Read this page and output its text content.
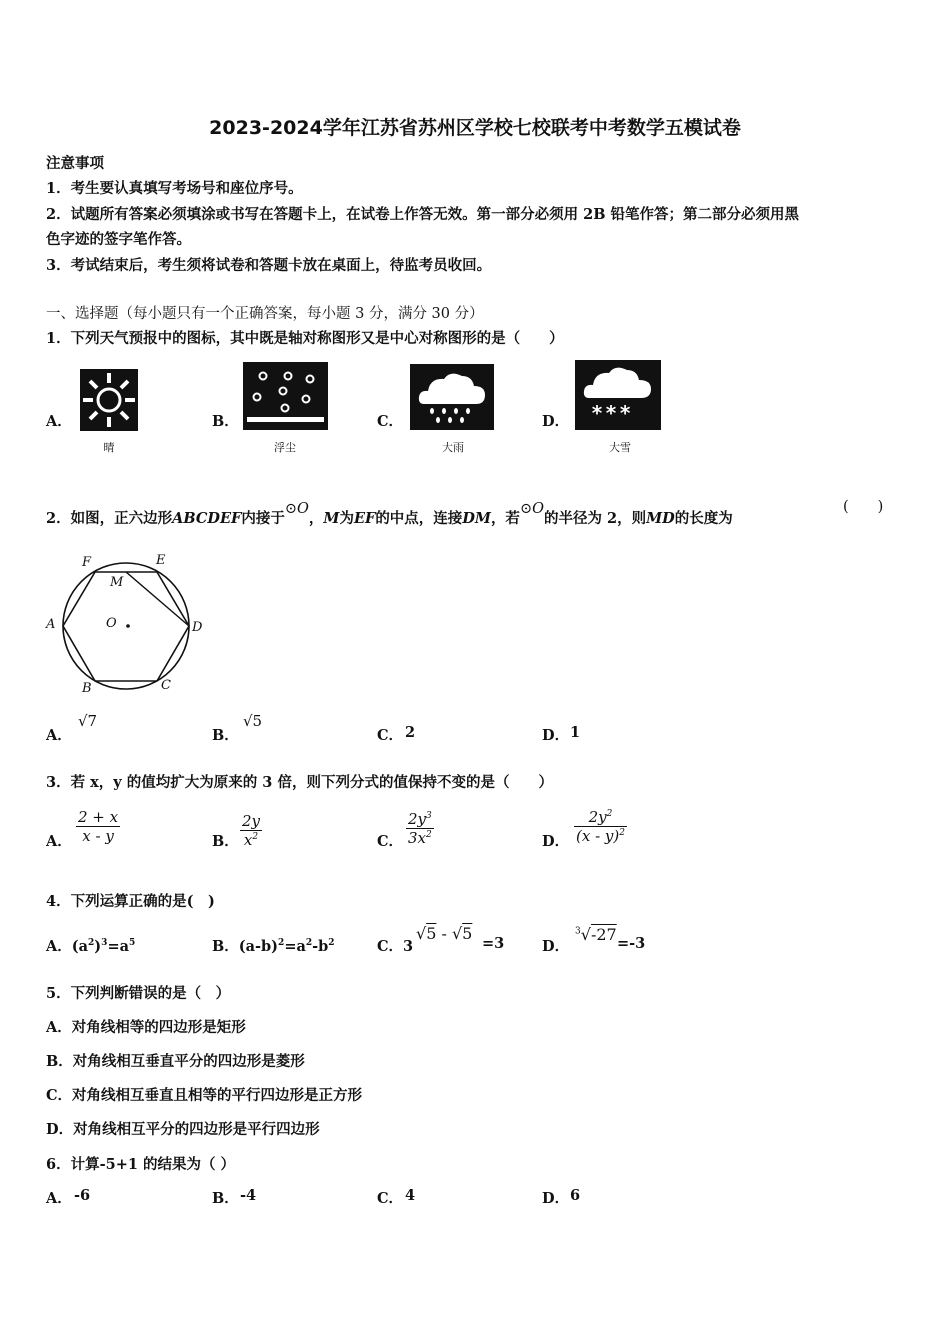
2023-2024学年江苏省苏州区学校七校联考中考数学五模试卷
注意事项
1．考生要认真填写考场号和座位序号。
2．试题所有答案必须填涂或书写在答题卡上，在试卷上作答无效。第一部分必须用 2B 铅笔作答；第二部分必须用黑
色字迹的签字笔作答。
3．考试结束后，考生须将试卷和答题卡放在桌面上，待监考员收回。
一、选择题（每小题只有一个正确答案，每小题 3 分，满分 30 分）
1．下列天气预报中的图标，其中既是轴对称图形又是中心对称图形的是（　　）
A．
晴
B．
浮尘
C．
大雨
D． ***
大雪
2．如图，正六边形ABCDEF内接于⊙O，M为EF的中点，连接DM，若⊙O的半径为 2，则MD的长度为
(　　)
F	E
M
A	O	D
B	C
A．
√7
B．
√5
C． 2	D． 1
3．若 x，y 的值均扩大为原来的 3 倍，则下列分式的值保持不变的是（　　）
A． $\frac{2 + x}{x - y}$	B． $\frac{2y}{x^2}$	C． $\frac{2y^3}{3x^2}$	D． $\frac{2y^2}{(x - y)^2}$
4．下列运算正确的是(　)
A．$(a^2)^3=a^5$	B．$(a-b)^2=a^2-b^2$	C．3
√5 - √5
=3	D．
$^3$√-27 =-3
5．下列判断错误的是（　）
A．对角线相等的四边形是矩形
B．对角线相互垂直平分的四边形是菱形
C．对角线相互垂直且相等的平行四边形是正方形
D．对角线相互平分的四边形是平行四边形
6．计算-5+1 的结果为（ ）
A． -6	B． -4	C． 4	D． 6
